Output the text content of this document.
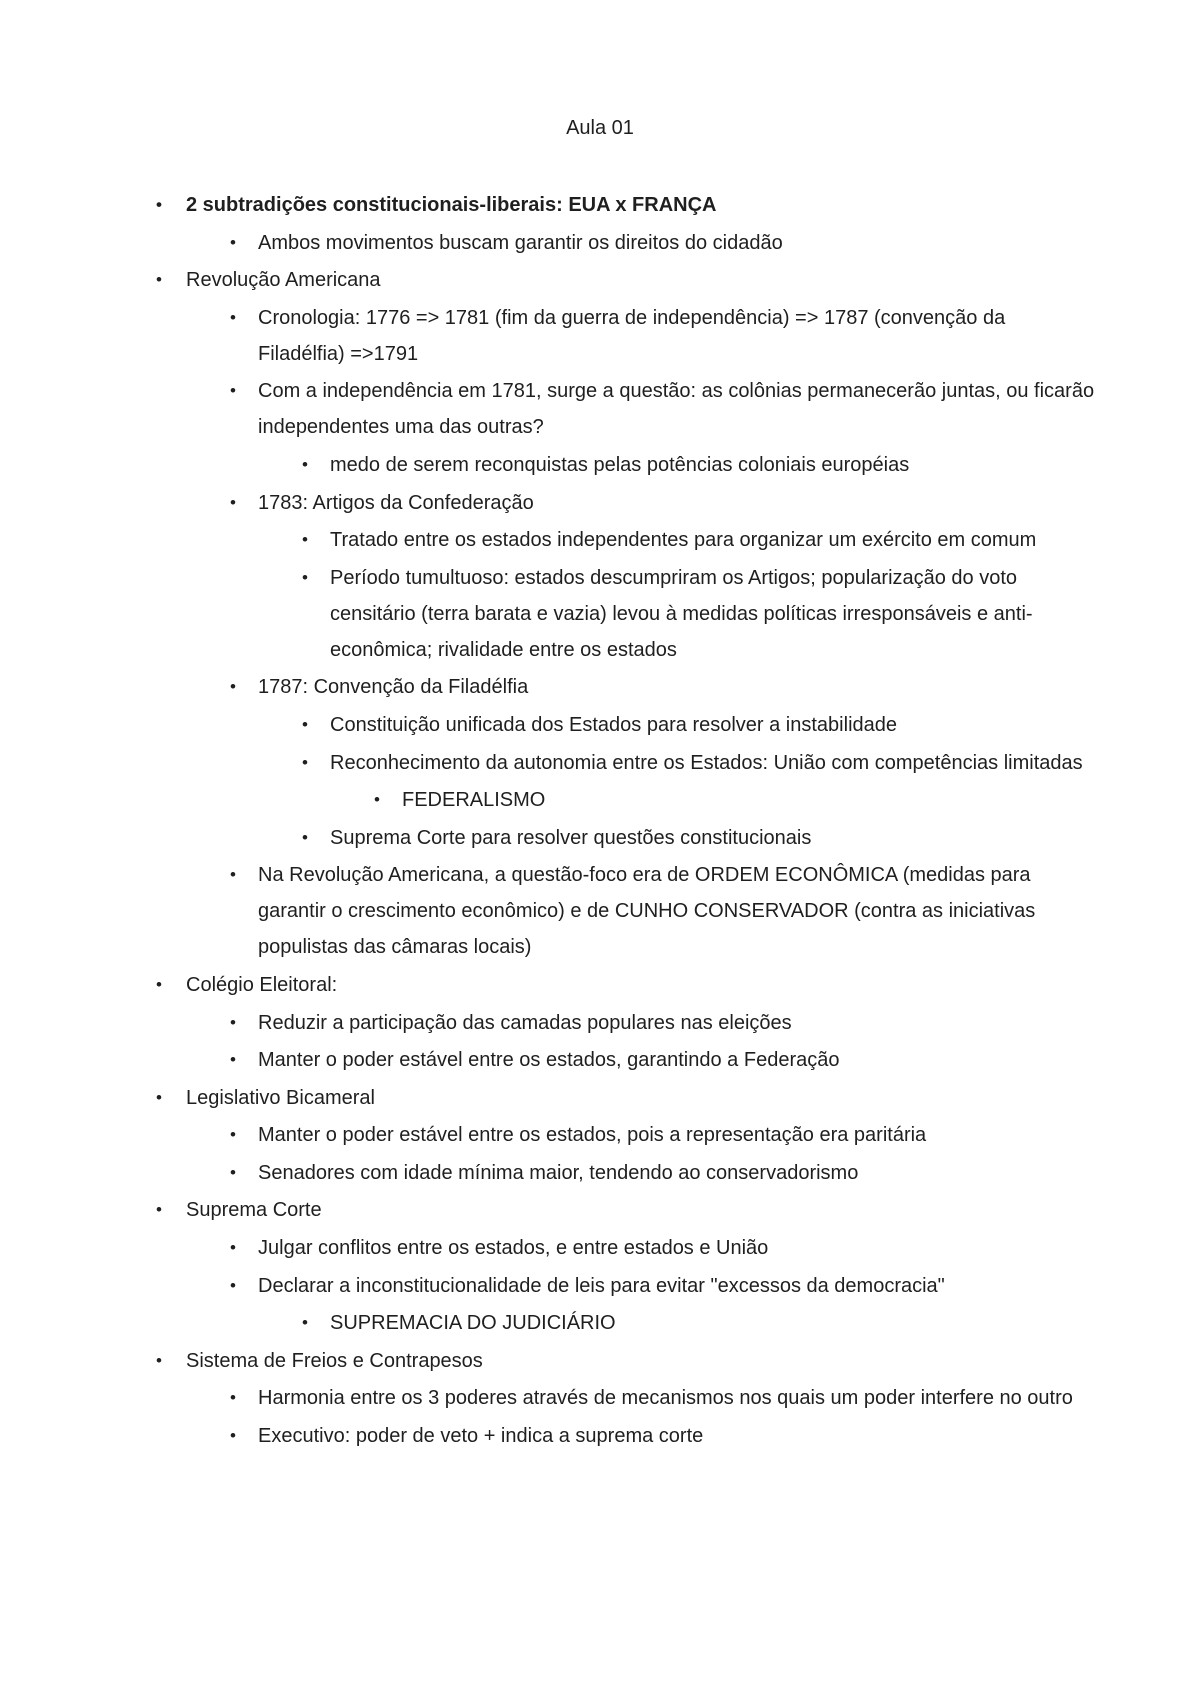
Aula 01
• 2 subtradições constitucionais-liberais: EUA x FRANÇA
• Ambos movimentos buscam garantir os direitos do cidadão
• Revolução Americana
• Cronologia: 1776 => 1781 (fim da guerra de independência) => 1787 (convenção da Filadélfia) =>1791
• Com a independência em 1781, surge a questão: as colônias permanecerão juntas, ou ficarão independentes uma das outras?
• medo de serem reconquistas pelas potências coloniais européias
• 1783: Artigos da Confederação
• Tratado entre os estados independentes para organizar um exército em comum
• Período tumultuoso: estados descumpriram os Artigos; popularização do voto censitário (terra barata e vazia) levou à medidas políticas irresponsáveis e anti-econômica; rivalidade entre os estados
• 1787: Convenção da Filadélfia
• Constituição unificada dos Estados para resolver a instabilidade
• Reconhecimento da autonomia entre os Estados: União com competências limitadas
• FEDERALISMO
• Suprema Corte para resolver questões constitucionais
• Na Revolução Americana, a questão-foco era de ORDEM ECONÔMICA (medidas para garantir o crescimento econômico) e de CUNHO CONSERVADOR (contra as iniciativas populistas das câmaras locais)
• Colégio Eleitoral:
• Reduzir a participação das camadas populares nas eleições
• Manter o poder estável entre os estados, garantindo a Federação
• Legislativo Bicameral
• Manter o poder estável entre os estados, pois a representação era paritária
• Senadores com idade mínima maior, tendendo ao conservadorismo
• Suprema Corte
• Julgar conflitos entre os estados, e entre estados e União
• Declarar a inconstitucionalidade de leis para evitar "excessos da democracia"
• SUPREMACIA DO JUDICIÁRIO
• Sistema de Freios e Contrapesos
• Harmonia entre os 3 poderes através de mecanismos nos quais um poder interfere no outro
• Executivo: poder de veto + indica a suprema corte
